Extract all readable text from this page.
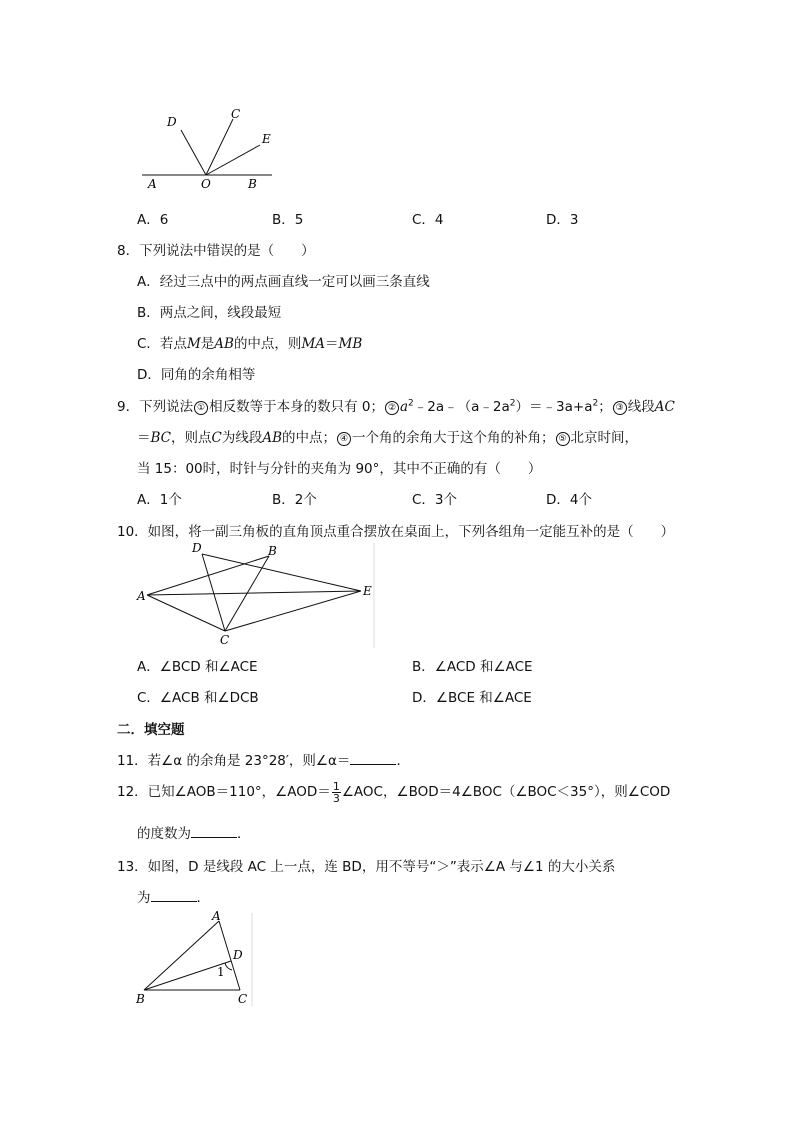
D
C
E
A	O	B
A．6	B．5	C．4	D．3
8．下列说法中错误的是（　　）
A．经过三点中的两点画直线一定可以画三条直线
B．两点之间，线段最短
C．若点M是AB的中点，则MA＝MB
D．同角的余角相等
9．下列说法 ① 相反数等于本身的数只有 0； ② $a^2﹣2a﹣(a﹣2a^2)=﹣3a+a^2$； ③ 线段AC
＝BC，则点C为线段AB的中点； ④ 一个角的余角大于这个角的补角； ⑤ 北京时间，
当 15：00时，时针与分针的夹角为 90°，其中不正确的有（　　）
A．1个	B．2个	C．3个	D．4个
10．如图，将一副三角板的直角顶点重合摆放在桌面上，下列各组角一定能互补的是（　　）
D	B
A	E
C
A．∠BCD 和∠ACE	B．∠ACD 和∠ACE
C．∠ACB 和∠DCB	D．∠BCE 和∠ACE
二．填空题
11．若∠α 的余角是 23°28′，则∠α＝	．
12．已知∠AOB＝110°，∠AOD＝ $\frac{1}{3}$ ∠AOC，∠BOD＝4∠BOC（∠BOC＜35°），则∠COD
的度数为	．
13．如图，D 是线段 AC 上一点，连 BD，用不等号“＞”表示∠A 与∠1 的大小关系
为	．
A
D
1
B	C
